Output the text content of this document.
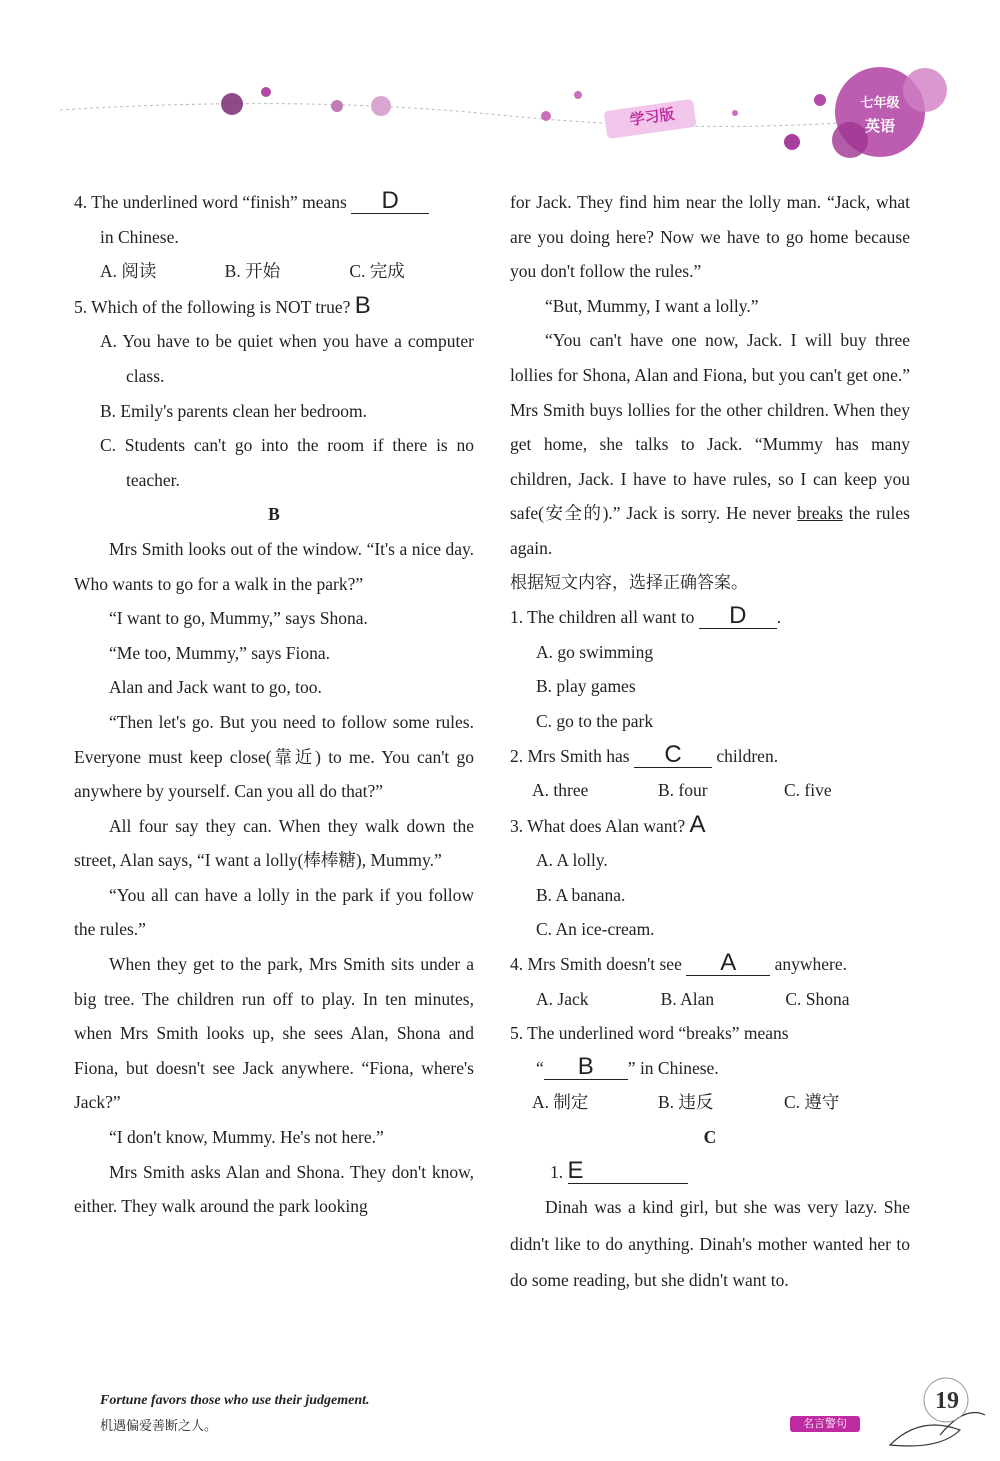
学习版
七年级
英语

4. The underlined word “finish” means D

in Chinese.

A. 阅读	B. 开始	C. 完成

5. Which of the following is NOT true? B

A. You have to be quiet when you have a computer class.

B. Emily's parents clean her bedroom.

C. Students can't go into the room if there is no teacher.

B

Mrs Smith looks out of the window. “It's a nice day. Who wants to go for a walk in the park?”

“I want to go, Mummy,” says Shona.

“Me too, Mummy,” says Fiona.

Alan and Jack want to go, too.

“Then let's go. But you need to follow some rules. Everyone must keep close(靠近) to me. You can't go anywhere by yourself. Can you all do that?”

All four say they can. When they walk down the street, Alan says, “I want a lolly(棒棒糖), Mummy.”

“You all can have a lolly in the park if you follow the rules.”

When they get to the park, Mrs Smith sits under a big tree. The children run off to play. In ten minutes, when Mrs Smith looks up, she sees Alan, Shona and Fiona, but doesn't see Jack anywhere. “Fiona, where's Jack?”

“I don't know, Mummy. He's not here.”

Mrs Smith asks Alan and Shona. They don't know, either. They walk around the park looking

for Jack. They find him near the lolly man. “Jack, what are you doing here? Now we have to go home because you don't follow the rules.”

“But, Mummy, I want a lolly.”

“You can't have one now, Jack. I will buy three lollies for Shona, Alan and Fiona, but you can't get one.” Mrs Smith buys lollies for the other children. When they get home, she talks to Jack. “Mummy has many children, Jack. I have to have rules, so I can keep you safe(安全的).” Jack is sorry. He never breaks the rules again.

根据短文内容，选择正确答案。

1. The children all want to D .

A. go swimming

B. play games

C. go to the park

2. Mrs Smith has C children.

A. three	B. four	C. five

3. What does Alan want? A

A. A lolly.

B. A banana.

C. An ice-cream.

4. Mrs Smith doesn't see A anywhere.

A. Jack	B. Alan	C. Shona

5. The underlined word “breaks” means

“ B ” in Chinese.

A. 制定	B. 违反	C. 遵守

C

1. E

Dinah was a kind girl, but she was very lazy. She didn't like to do anything. Dinah's mother wanted her to do some reading, but she didn't want to.

Fortune favors those who use their judgement.
机遇偏爱善断之人。	名言警句
19
